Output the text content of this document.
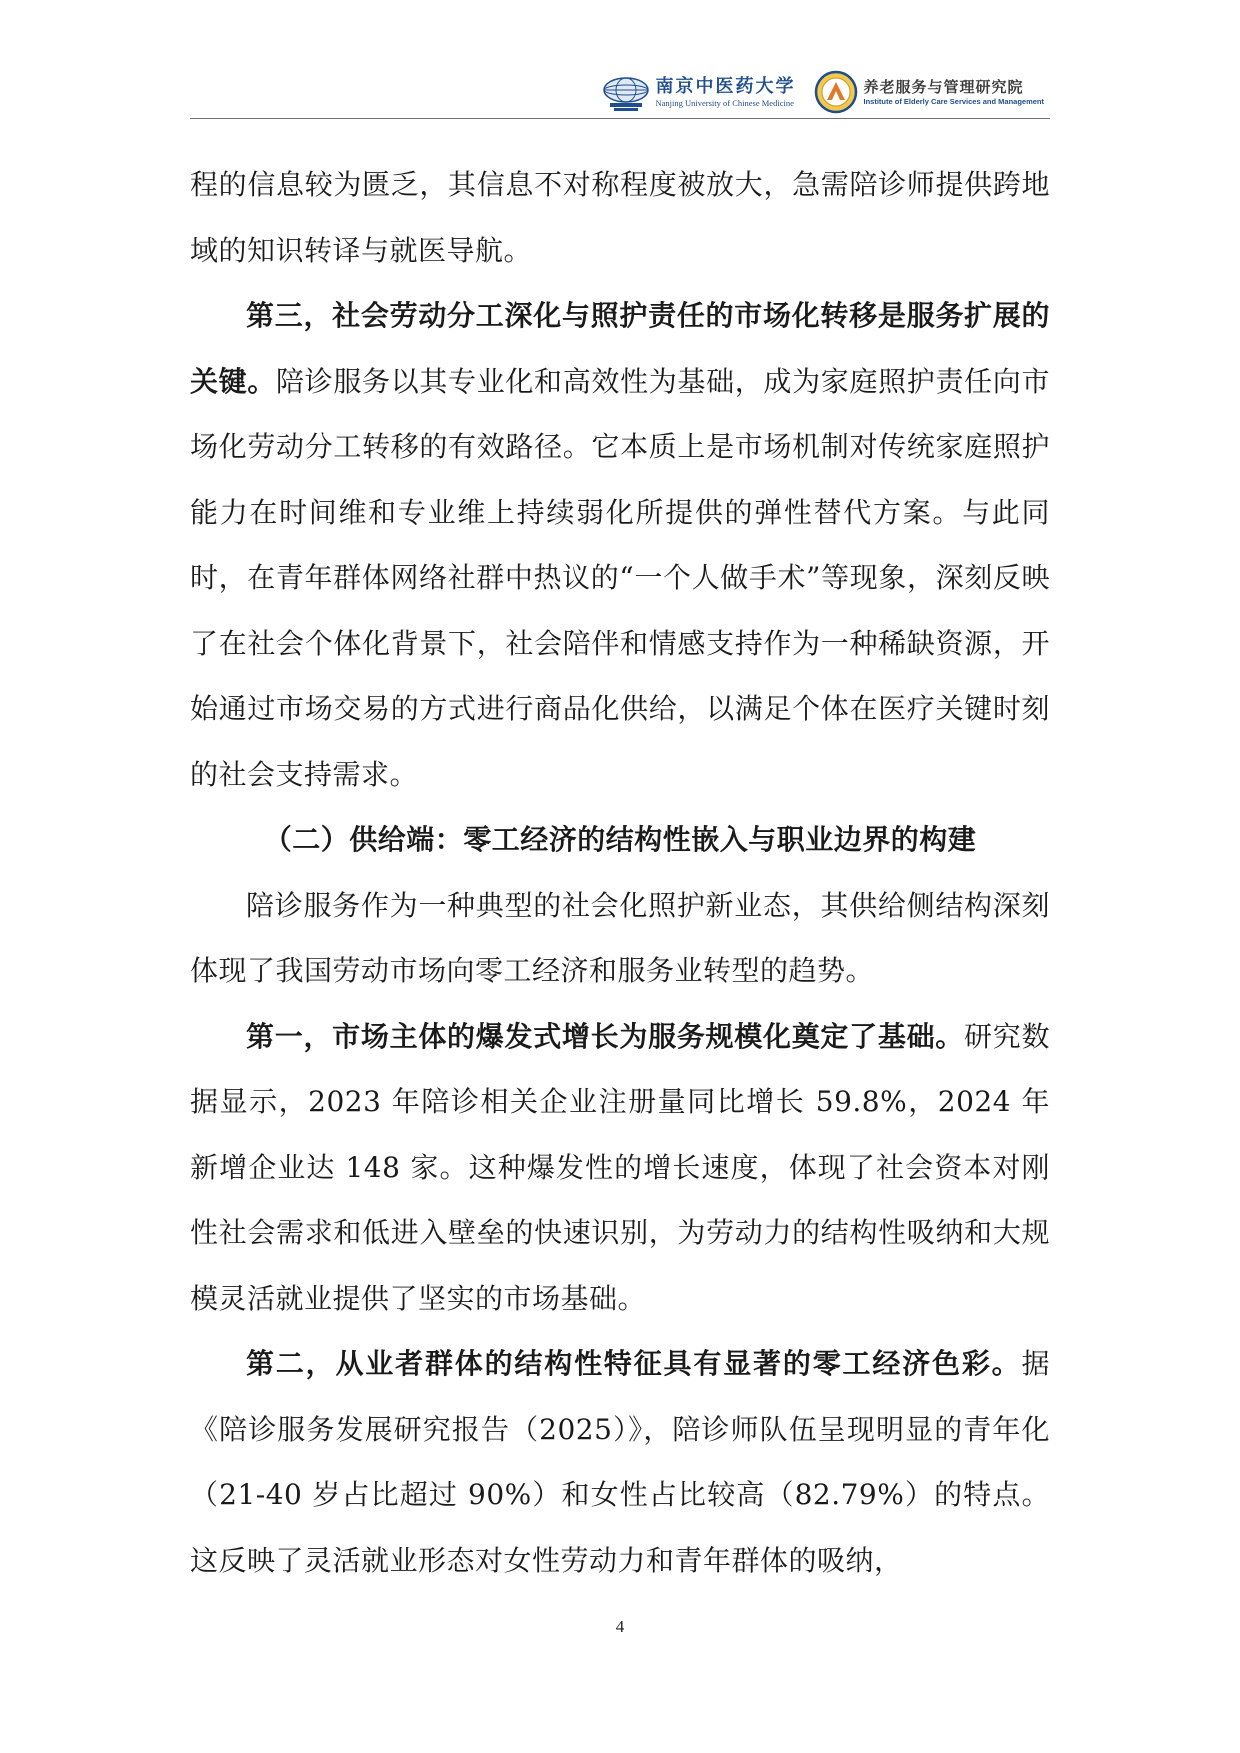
南京中医药大学
Nanjing University of Chinese Medicine
养老服务与管理研究院
Institute of Elderly Care Services and Management

程的信息较为匮乏，其信息不对称程度被放大，急需陪诊师提供跨地域的知识转译与就医导航。

第三，社会劳动分工深化与照护责任的市场化转移是服务扩展的关键。陪诊服务以其专业化和高效性为基础，成为家庭照护责任向市场化劳动分工转移的有效路径。它本质上是市场机制对传统家庭照护能力在时间维和专业维上持续弱化所提供的弹性替代方案。与此同时，在青年群体网络社群中热议的“一个人做手术”等现象，深刻反映了在社会个体化背景下，社会陪伴和情感支持作为一种稀缺资源，开始通过市场交易的方式进行商品化供给，以满足个体在医疗关键时刻的社会支持需求。

（二）供给端：零工经济的结构性嵌入与职业边界的构建

陪诊服务作为一种典型的社会化照护新业态，其供给侧结构深刻体现了我国劳动市场向零工经济和服务业转型的趋势。

第一，市场主体的爆发式增长为服务规模化奠定了基础。研究数据显示，2023 年陪诊相关企业注册量同比增长 59.8%，2024 年新增企业达 148 家。这种爆发性的增长速度，体现了社会资本对刚性社会需求和低进入壁垒的快速识别，为劳动力的结构性吸纳和大规模灵活就业提供了坚实的市场基础。

第二，从业者群体的结构性特征具有显著的零工经济色彩。据《陪诊服务发展研究报告（2025）》，陪诊师队伍呈现明显的青年化（21-40 岁占比超过 90%）和女性占比较高（82.79%）的特点。这反映了灵活就业形态对女性劳动力和青年群体的吸纳，

4
